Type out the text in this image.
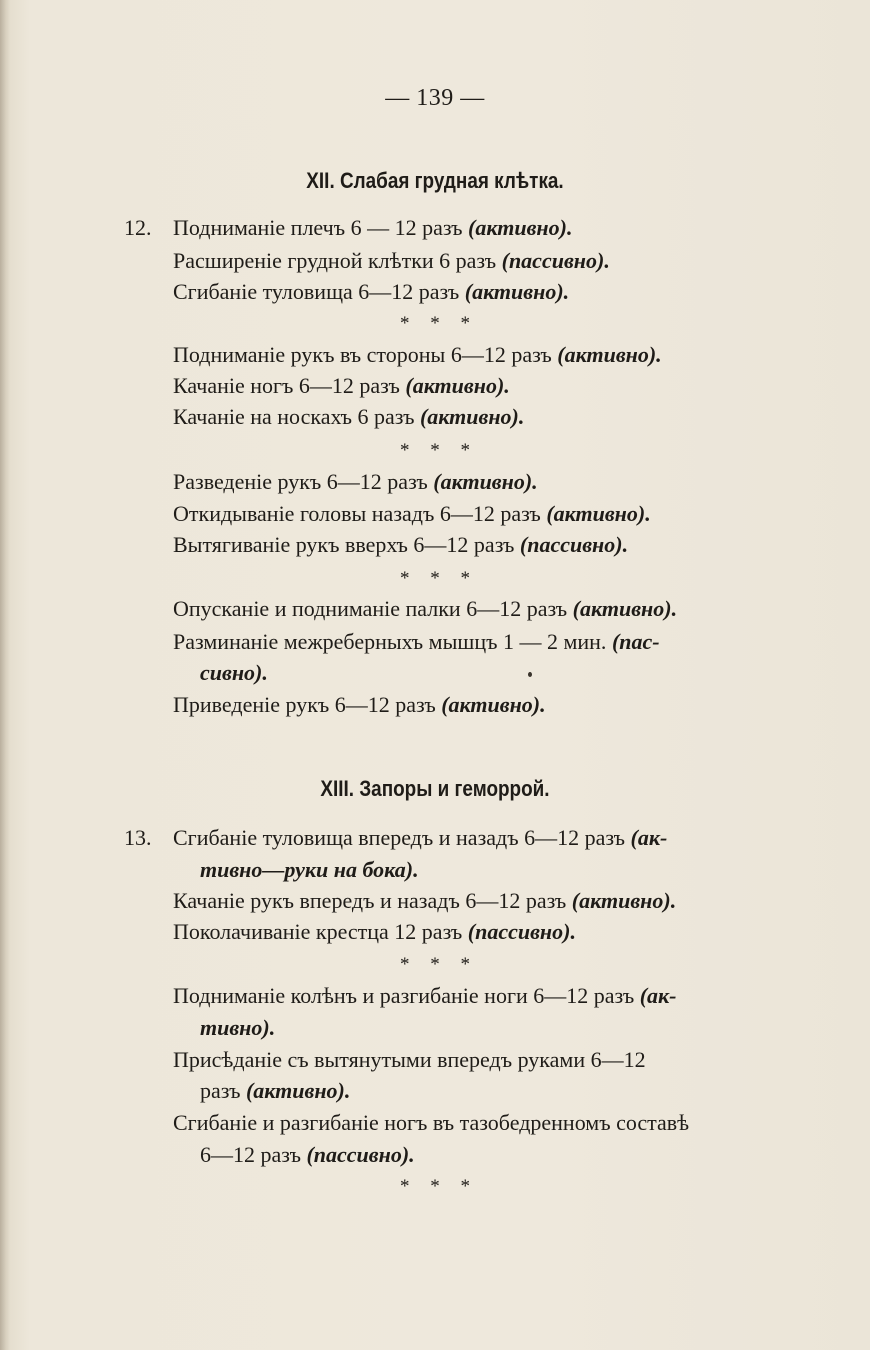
— 139 —
XII. Слабая грудная клѣтка.
12. Подниманіе плечъ 6 — 12 разъ (активно).
Расширеніе грудной клѣтки 6 разъ (пассивно).
Сгибаніе туловища 6—12 разъ (активно).
* * *
Подниманіе рукъ въ стороны 6—12 разъ (активно).
Качаніе ногъ 6—12 разъ (активно).
Качаніе на носкахъ 6 разъ (активно).
* * *
Разведеніе рукъ 6—12 разъ (активно).
Откидываніе головы назадъ 6—12 разъ (активно).
Вытягиваніе рукъ вверхъ 6—12 разъ (пассивно).
* * *
Опусканіе и подниманіе палки 6—12 разъ (активно).
Разминаніе межреберныхъ мышцъ 1 — 2 мин. (пас-
сивно).
Приведеніе рукъ 6—12 разъ (активно).
XIII. Запоры и геморрой.
13. Сгибаніе туловища впередъ и назадъ 6—12 разъ (ак-
тивно—руки на бока).
Качаніе рукъ впередъ и назадъ 6—12 разъ (активно).
Поколачиваніе крестца 12 разъ (пассивно).
* * *
Подниманіе колѣнъ и разгибаніе ноги 6—12 разъ (ак-
тивно).
Присѣданіе съ вытянутыми впередъ руками 6—12
разъ (активно).
Сгибаніе и разгибаніе ногъ въ тазобедренномъ составѣ
6—12 разъ (пассивно).
* * *
